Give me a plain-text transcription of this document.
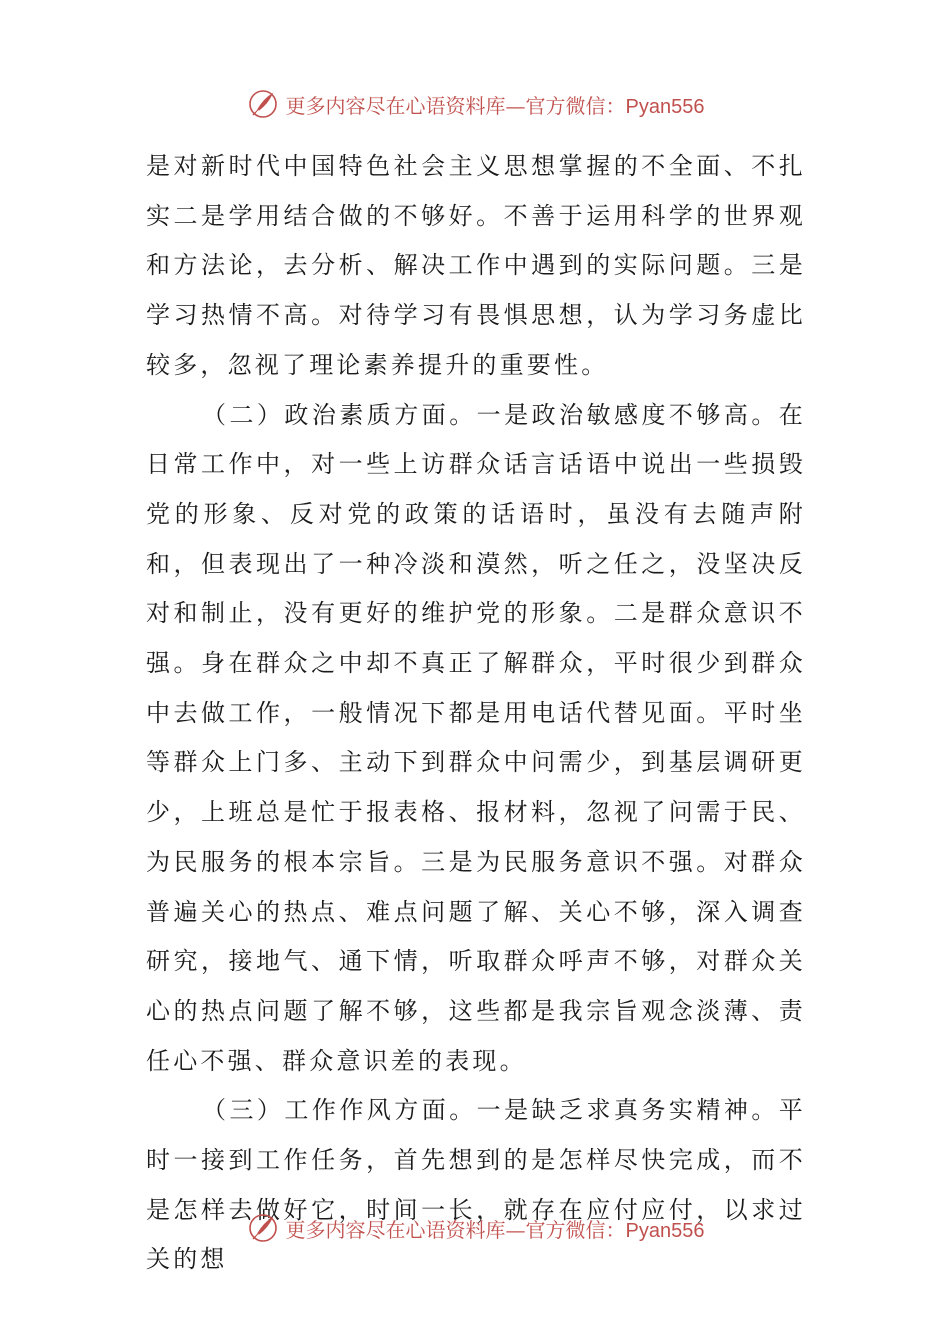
更多内容尽在心语资料库—官方微信：Pyan556

是对新时代中国特色社会主义思想掌握的不全面、不扎实二是学用结合做的不够好。不善于运用科学的世界观和方法论，去分析、解决工作中遇到的实际问题。三是学习热情不高。对待学习有畏惧思想，认为学习务虚比较多，忽视了理论素养提升的重要性。

（二）政治素质方面。一是政治敏感度不够高。在日常工作中，对一些上访群众话言话语中说出一些损毁党的形象、反对党的政策的话语时，虽没有去随声附和，但表现出了一种冷淡和漠然，听之任之，没坚决反对和制止，没有更好的维护党的形象。二是群众意识不强。身在群众之中却不真正了解群众，平时很少到群众中去做工作，一般情况下都是用电话代替见面。平时坐等群众上门多、主动下到群众中问需少，到基层调研更少，上班总是忙于报表格、报材料，忽视了问需于民、为民服务的根本宗旨。三是为民服务意识不强。对群众普遍关心的热点、难点问题了解、关心不够，深入调查研究，接地气、通下情，听取群众呼声不够，对群众关心的热点问题了解不够，这些都是我宗旨观念淡薄、责任心不强、群众意识差的表现。

（三）工作作风方面。一是缺乏求真务实精神。平时一接到工作任务，首先想到的是怎样尽快完成，而不是怎样去做好它，时间一长，就存在应付应付，以求过关的想

更多内容尽在心语资料库—官方微信：Pyan556
